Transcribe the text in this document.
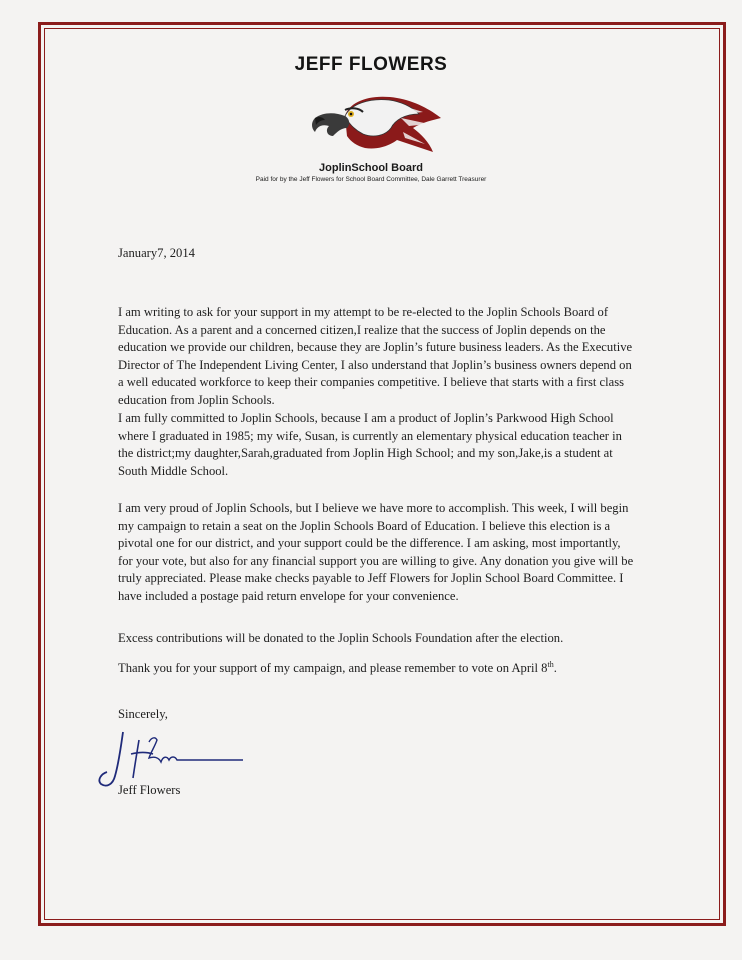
JEFF FLOWERS
JoplinSchool Board
Paid for by the Jeff Flowers for School Board Committee, Dale Garrett Treasurer
January7, 2014
I am writing to ask for your support in my attempt to be re-elected to the Joplin Schools Board of Education. As a parent and a concerned citizen,I realize that the success of Joplin depends on the education we provide our children, because they are Joplin’s future business leaders. As the Executive Director of The Independent Living Center, I also understand that Joplin’s business owners depend on a well educated workforce to keep their companies competitive. I believe that starts with a first class education from Joplin Schools.
I am fully committed to Joplin Schools, because I am a product of Joplin’s Parkwood High School where I graduated in 1985; my wife, Susan, is currently an elementary physical education teacher in the district;my daughter,Sarah,graduated from Joplin High School; and my son,Jake,is a student at South Middle School.
I am very proud of Joplin Schools, but I believe we have more to accomplish. This week, I will begin my campaign to retain a seat on the Joplin Schools Board of Education. I believe this election is a pivotal one for our district, and your support could be the difference. I am asking, most importantly, for your vote, but also for any financial support you are willing to give. Any donation you give will be truly appreciated. Please make checks payable to Jeff Flowers for Joplin School Board Committee. I have included a postage paid return envelope for your convenience.
Excess contributions will be donated to the Joplin Schools Foundation after the election.
Thank you for your support of my campaign, and please remember to vote on April 8th.
Sincerely,
Jeff Flowers
